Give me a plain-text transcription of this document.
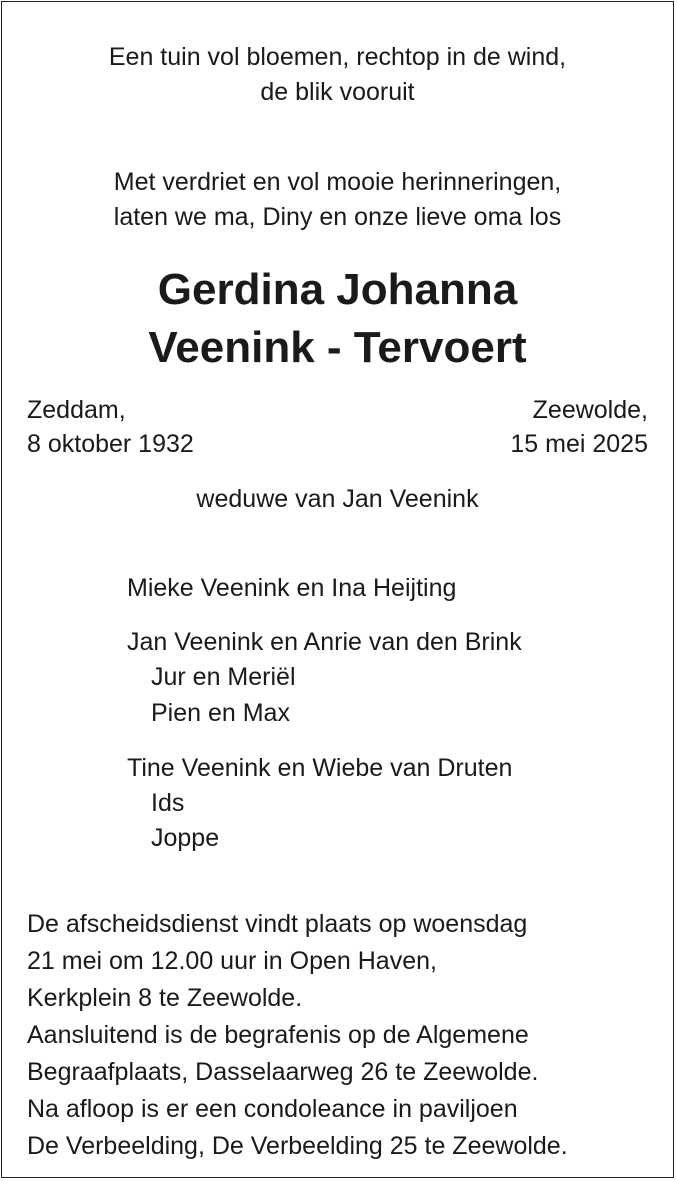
Een tuin vol bloemen, rechtop in de wind,
de blik vooruit
Met verdriet en vol mooie herinneringen,
laten we ma, Diny en onze lieve oma los
Gerdina Johanna
Veenink - Tervoert
Zeddam,
8 oktober 1932
Zeewolde,
15 mei 2025
weduwe van Jan Veenink
Mieke Veenink en Ina Heijting
Jan Veenink en Anrie van den Brink
Jur en Meriël
Pien en Max
Tine Veenink en Wiebe van Druten
Ids
Joppe
De afscheidsdienst vindt plaats op woensdag
21 mei om 12.00 uur in Open Haven,
Kerkplein 8 te Zeewolde.
Aansluitend is de begrafenis op de Algemene
Begraafplaats, Dasselaarweg 26 te Zeewolde.
Na afloop is er een condoleance in paviljoen
De Verbeelding, De Verbeelding 25 te Zeewolde.
